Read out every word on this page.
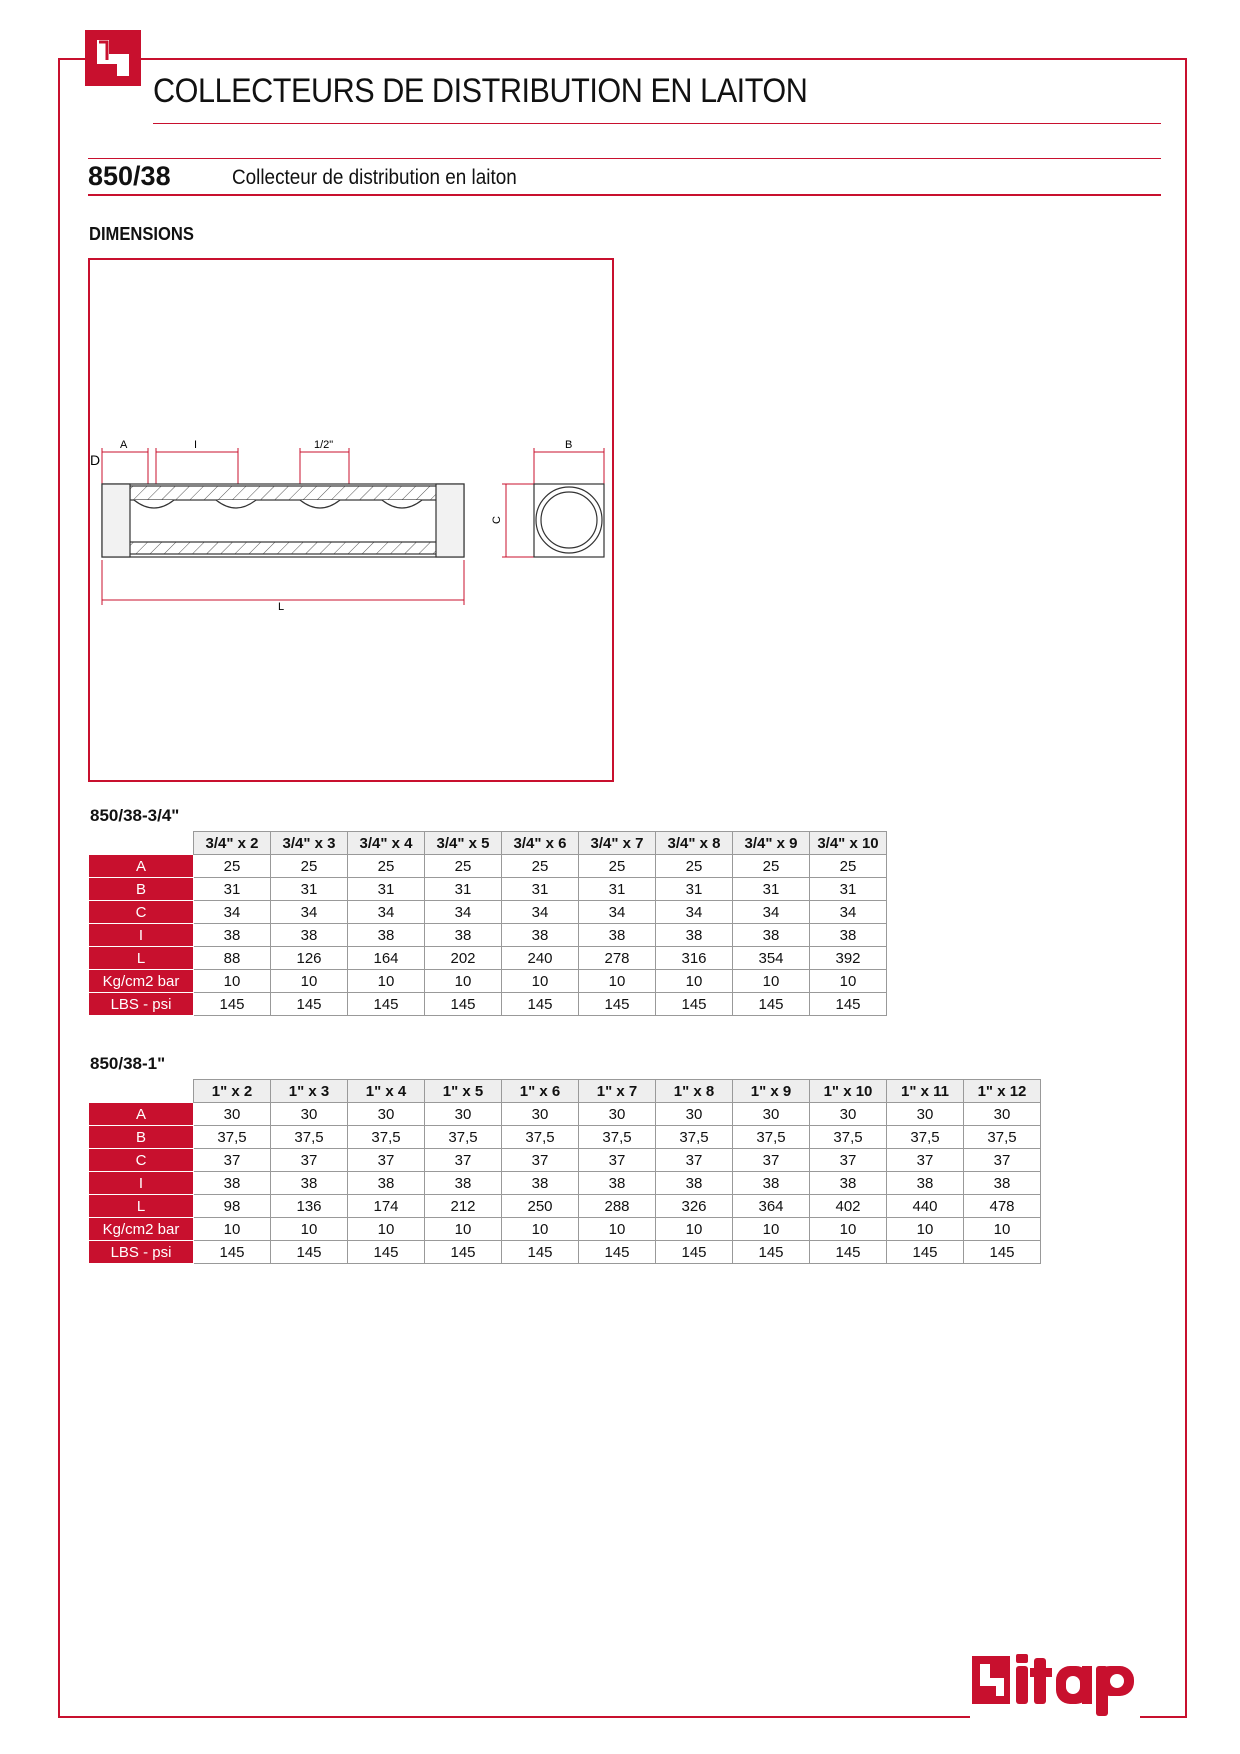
COLLECTEURS DE DISTRIBUTION EN LAITON
850/38	Collecteur de distribution en laiton
DIMENSIONS
A	I	1/2"	B
C
L
D
850/38-3/4"
	3/4" x 2	3/4" x 3	3/4" x 4	3/4" x 5	3/4" x 6	3/4" x 7	3/4" x 8	3/4" x 9	3/4" x 10
A	25	25	25	25	25	25	25	25	25
B	31	31	31	31	31	31	31	31	31
C	34	34	34	34	34	34	34	34	34
I	38	38	38	38	38	38	38	38	38
L	88	126	164	202	240	278	316	354	392
Kg/cm2 bar	10	10	10	10	10	10	10	10	10
LBS - psi	145	145	145	145	145	145	145	145	145
850/38-1"
	1" x 2	1" x 3	1" x 4	1" x 5	1" x 6	1" x 7	1" x 8	1" x 9	1" x 10	1" x 11	1" x 12
A	30	30	30	30	30	30	30	30	30	30	30
B	37,5	37,5	37,5	37,5	37,5	37,5	37,5	37,5	37,5	37,5	37,5
C	37	37	37	37	37	37	37	37	37	37	37
I	38	38	38	38	38	38	38	38	38	38	38
L	98	136	174	212	250	288	326	364	402	440	478
Kg/cm2 bar	10	10	10	10	10	10	10	10	10	10	10
LBS - psi	145	145	145	145	145	145	145	145	145	145	145
